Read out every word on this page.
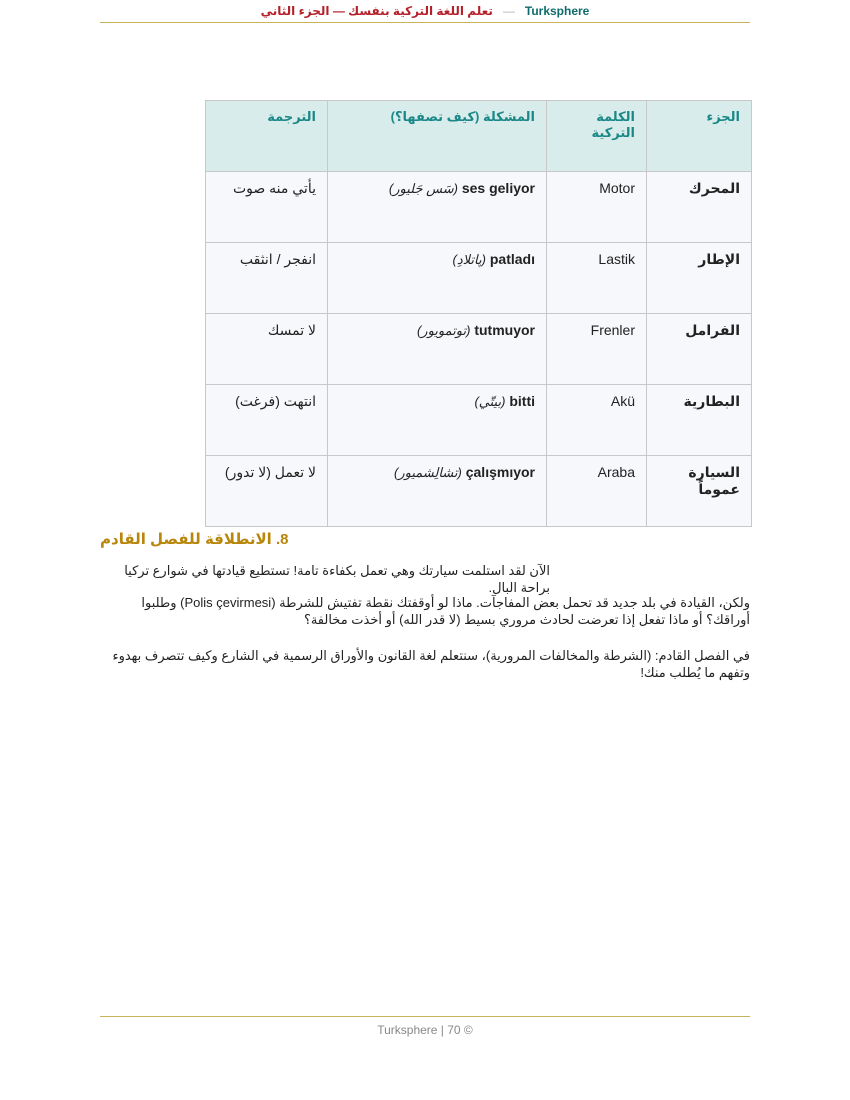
تعلم اللغة التركية بنفسك — الجزء الثاني — Turksphere
الجزء	الكلمة التركية	المشكلة (كيف تصفها؟)	الترجمة
المحرك	Motor	(سَس جَليور) ses geliyor	يأتي منه صوت
الإطار	Lastik	(پاتلادِ) patladı	انفجر / انثقب
الفرامل	Frenler	(توتمويور) tutmuyor	لا تمسك
البطارية	Akü	(بيتّي) bitti	انتهت (فرغت)
السيارة عموماً	Araba	(تشالِشميور) çalışmıyor	لا تعمل (لا تدور)
8. الانطلاقة للفصل القادم

الآن لقد استلمت سيارتك وهي تعمل بكفاءة تامة! تستطيع قيادتها في شوارع تركيا براحة البال.

ولكن، القيادة في بلد جديد قد تحمل بعض المفاجآت. ماذا لو أوقفتك نقطة تفتيش للشرطة (Polis çevirmesi) وطلبوا أوراقك؟ أو ماذا تفعل إذا تعرضت لحادث مروري بسيط (لا قدر الله) أو أخذت مخالفة؟

في الفصل القادم: (الشرطة والمخالفات المرورية)، سنتعلم لغة القانون والأوراق الرسمية في الشارع وكيف تتصرف بهدوء وتفهم ما يُطلب منك!

Turksphere | 70 ©
